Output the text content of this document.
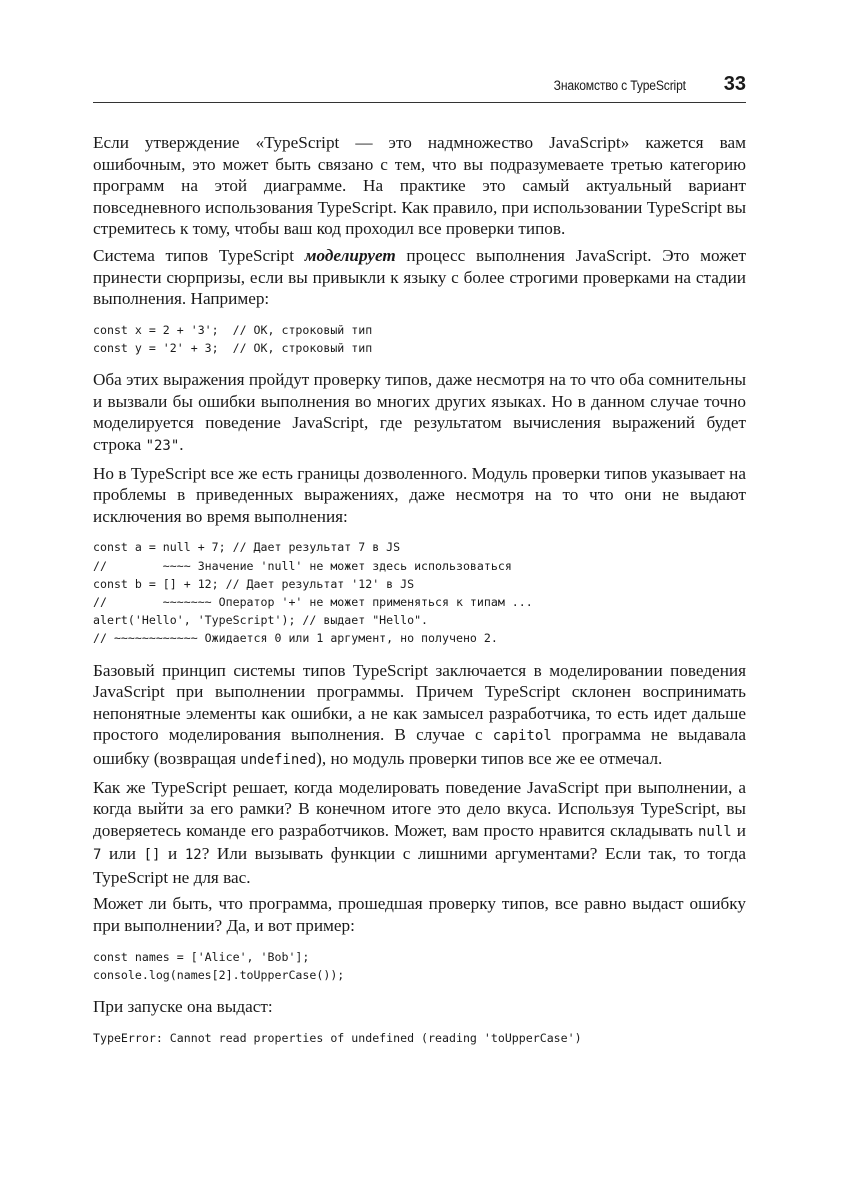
Знакомство с TypeScript 33

Если утверждение «TypeScript — это надмножество JavaScript» кажется вам ошибочным, это может быть связано с тем, что вы подразумеваете третью категорию программ на этой диаграмме. На практике это самый актуальный вариант повседневного использования TypeScript. Как правило, при использовании TypeScript вы стремитесь к тому, чтобы ваш код проходил все проверки типов.

Система типов TypeScript моделирует процесс выполнения JavaScript. Это может принести сюрпризы, если вы привыкли к языку с более строгими проверками на стадии выполнения. Например:

const x = 2 + '3';  // OK, строковый тип
const y = '2' + 3;  // OK, строковый тип

Оба этих выражения пройдут проверку типов, даже несмотря на то что оба сомнительны и вызвали бы ошибки выполнения во многих других языках. Но в данном случае точно моделируется поведение JavaScript, где результатом вычисления выражений будет строка "23".

Но в TypeScript все же есть границы дозволенного. Модуль проверки типов указывает на проблемы в приведенных выражениях, даже несмотря на то что они не выдают исключения во время выполнения:

const a = null + 7; // Дает результат 7 в JS
//        ~~~~ Значение 'null' не может здесь использоваться
const b = [] + 12; // Дает результат '12' в JS
//        ~~~~~~~ Оператор '+' не может применяться к типам ...
alert('Hello', 'TypeScript'); // выдает "Hello".
// ~~~~~~~~~~~~ Ожидается 0 или 1 аргумент, но получено 2.

Базовый принцип системы типов TypeScript заключается в моделировании поведения JavaScript при выполнении программы. Причем TypeScript склонен воспринимать непонятные элементы как ошибки, а не как замысел разработчика, то есть идет дальше простого моделирования выполнения. В случае с capitol программа не выдавала ошибку (возвращая undefined), но модуль проверки типов все же ее отмечал.

Как же TypeScript решает, когда моделировать поведение JavaScript при выполнении, а когда выйти за его рамки? В конечном итоге это дело вкуса. Используя TypeScript, вы доверяетесь команде его разработчиков. Может, вам просто нравится складывать null и 7 или [] и 12? Или вызывать функции с лишними аргументами? Если так, то тогда TypeScript не для вас.

Может ли быть, что программа, прошедшая проверку типов, все равно выдаст ошибку при выполнении? Да, и вот пример:

const names = ['Alice', 'Bob'];
console.log(names[2].toUpperCase());

При запуске она выдаст:

TypeError: Cannot read properties of undefined (reading 'toUpperCase')
